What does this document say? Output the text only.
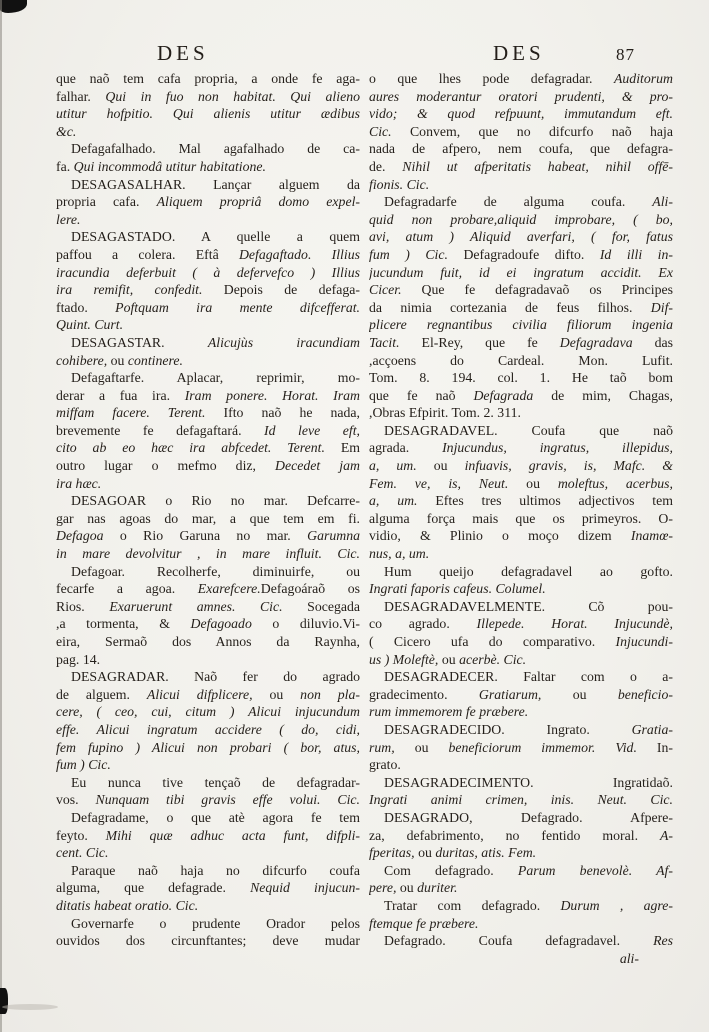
DES	DES	87
que naõ tem cafa propria, a onde fe aga-
falhar. Qui in fuo non habitat. Qui alieno
utitur hofpitio. Qui alienis utitur ædibus
&c.
Defagafalhado. Mal agafalhado de ca-
fa. Qui incommodâ utitur habitatione.
DESAGASALHAR. Lançar alguem da
propria cafa. Aliquem propriâ domo expel-
lere.
DESAGASTADO. A quelle a quem
paffou a colera. Eftâ Defagaftado. Illius
iracundia deferbuit ( à defervefco ) Illius
ira remifit, confedit. Depois de defaga-
ftado. Poftquam ira mente difcefferat.
Quint. Curt.
DESAGASTAR. Alicujùs iracundiam
cohibere, ou continere.
Defagaftarfe. Aplacar, reprimir, mo-
derar a fua ira. Iram ponere. Horat. Iram
miffam facere. Terent. Ifto naõ he nada,
brevemente fe defagaftará. Id leve eft,
cito ab eo hæc ira abfcedet. Terent. Em
outro lugar o mefmo diz, Decedet jam
ira hæc.
DESAGOAR o Rio no mar. Defcarre-
gar nas agoas do mar, a que tem em fi.
Defagoa o Rio Garuna no mar. Garumna
in mare devolvitur , in mare influit. Cic.
Defagoar. Recolherfe, diminuirfe, ou
fecarfe a agoa. Exarefcere.Defagoáraõ os
Rios. Exaruerunt amnes. Cic. Socegada
,a tormenta, & Defagoado o diluvio.Vi-
eira, Sermaõ dos Annos da Raynha,
pag. 14.
DESAGRADAR. Naõ fer do agrado
de alguem. Alicui difplicere, ou non pla-
cere, ( ceo, cui, citum ) Alicui injucundum
effe. Alicui ingratum accidere ( do, cidi,
fem fupino ) Alicui non probari ( bor, atus,
fum ) Cic.
Eu nunca tive tençaõ de defagradar-
vos. Nunquam tibi gravis effe volui. Cic.
Defagradame, o que atè agora fe tem
feyto. Mihi quæ adhuc acta funt, difpli-
cent. Cic.
Paraque naõ haja no difcurfo coufa
alguma, que defagrade. Nequid injucun-
ditatis habeat oratio. Cic.
Governarfe o prudente Orador pelos
ouvidos dos circunftantes; deve mudar
o que lhes pode defagradar. Auditorum
aures moderantur oratori prudenti, & pro-
vido; & quod refpuunt, immutandum eft.
Cic. Convem, que no difcurfo naõ haja
nada de afpero, nem coufa, que defagra-
de. Nihil ut afperitatis habeat, nihil offē-
fionis. Cic.
Defagradarfe de alguma coufa. Ali-
quid non probare,aliquid improbare, ( bo,
avi, atum ) Aliquid averfari, ( for, fatus
fum ) Cic. Defagradoufe difto. Id illi in-
jucundum fuit, id ei ingratum accidit. Ex
Cicer. Que fe defagradavaõ os Principes
da nimia cortezania de feus filhos. Dif-
plicere regnantibus civilia filiorum ingenia
Tacit. El-Rey, que fe Defagradava das
,acçoens do Cardeal. Mon. Lufit.
Tom. 8. 194. col. 1. He taõ bom
que fe naõ Defagrada de mim, Chagas,
,Obras Efpirit. Tom. 2. 311.
DESAGRADAVEL. Coufa que naõ
agrada. Injucundus, ingratus, illepidus,
a, um. ou infuavis, gravis, is, Mafc. &
Fem. ve, is, Neut. ou moleftus, acerbus,
a, um. Eftes tres ultimos adjectivos tem
alguma força mais que os primeyros. O-
vidio, & Plinio o moço dizem Inamœ-
nus, a, um.
Hum queijo defagradavel ao gofto.
Ingrati faporis cafeus. Columel.
DESAGRADAVELMENTE. Cõ pou-
co agrado. Illepede. Horat. Injucundè,
( Cicero ufa do comparativo. Injucundi-
us ) Moleftè, ou acerbè. Cic.
DESAGRADECER. Faltar com o a-
gradecimento. Gratiarum, ou beneficio-
rum immemorem fe præbere.
DESAGRADECIDO. Ingrato. Gratia-
rum, ou beneficiorum immemor. Vid. In-
grato.
DESAGRADECIMENTO. Ingratidaõ.
Ingrati animi crimen, inis. Neut. Cic.
DESAGRADO, Defagrado. Afpere-
za, defabrimento, no fentido moral. A-
fperitas, ou duritas, atis. Fem.
Com defagrado. Parum benevolè. Af-
pere, ou duriter.
Tratar com defagrado. Durum , agre-
ftemque fe præbere.
Defagrado. Coufa defagradavel. Res
ali-
